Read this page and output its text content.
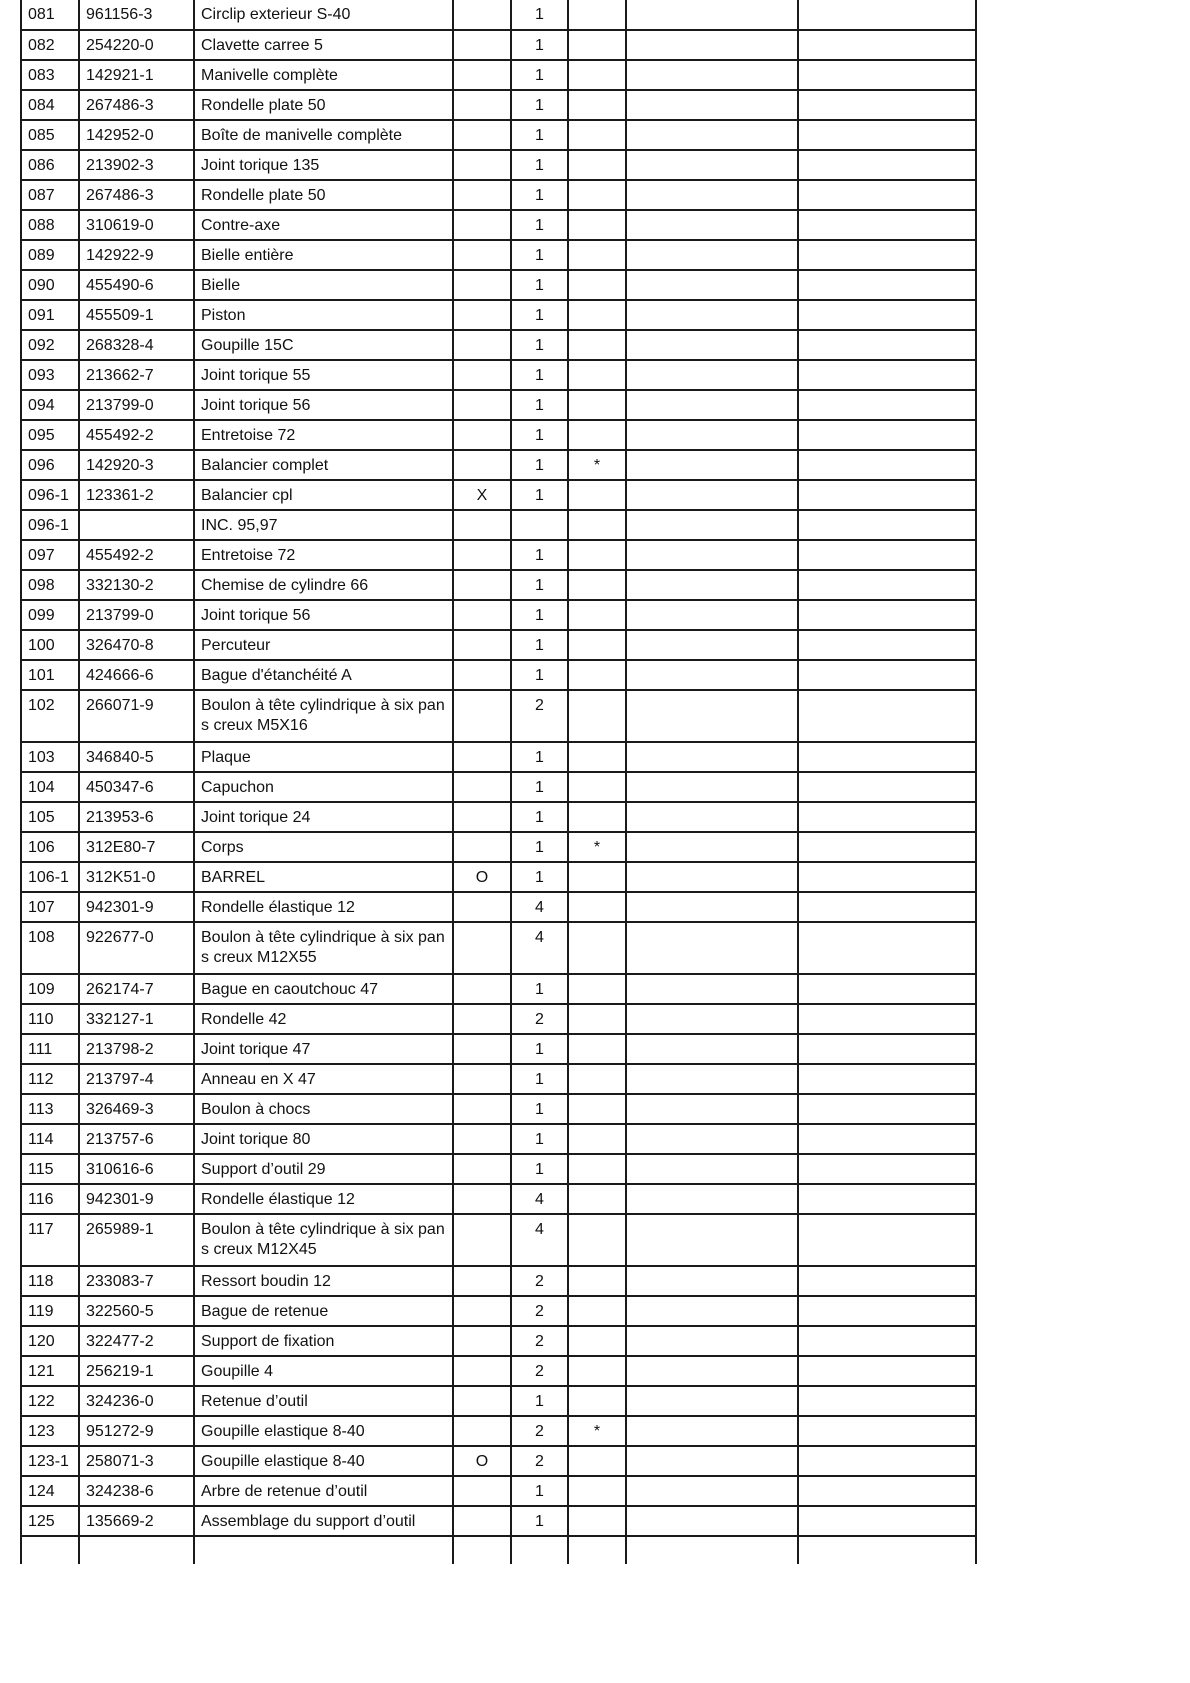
081	961156-3	Circlip exterieur S-40		1			
082	254220-0	Clavette carree 5		1			
083	142921-1	Manivelle complète		1			
084	267486-3	Rondelle plate 50		1			
085	142952-0	Boîte de manivelle complète		1			
086	213902-3	Joint torique 135		1			
087	267486-3	Rondelle plate 50		1			
088	310619-0	Contre-axe		1			
089	142922-9	Bielle entière		1			
090	455490-6	Bielle		1			
091	455509-1	Piston		1			
092	268328-4	Goupille 15C		1			
093	213662-7	Joint torique 55		1			
094	213799-0	Joint torique 56		1			
095	455492-2	Entretoise 72		1			
096	142920-3	Balancier complet		1	*		
096-1	123361-2	Balancier cpl	X	1			
096-1		INC. 95,97					
097	455492-2	Entretoise 72		1			
098	332130-2	Chemise de cylindre 66		1			
099	213799-0	Joint torique 56		1			
100	326470-8	Percuteur		1			
101	424666-6	Bague d'étanchéité A		1			
102	266071-9	Boulon à tête cylindrique à six pans creux M5X16		2			
103	346840-5	Plaque		1			
104	450347-6	Capuchon		1			
105	213953-6	Joint torique 24		1			
106	312E80-7	Corps		1	*		
106-1	312K51-0	BARREL	O	1			
107	942301-9	Rondelle élastique 12		4			
108	922677-0	Boulon à tête cylindrique à six pans creux M12X55		4			
109	262174-7	Bague en caoutchouc 47		1			
110	332127-1	Rondelle 42		2			
111	213798-2	Joint torique 47		1			
112	213797-4	Anneau en X 47		1			
113	326469-3	Boulon à chocs		1			
114	213757-6	Joint torique 80		1			
115	310616-6	Support d’outil 29		1			
116	942301-9	Rondelle élastique 12		4			
117	265989-1	Boulon à tête cylindrique à six pans creux M12X45		4			
118	233083-7	Ressort boudin 12		2			
119	322560-5	Bague de retenue		2			
120	322477-2	Support de fixation		2			
121	256219-1	Goupille 4		2			
122	324236-0	Retenue d’outil		1			
123	951272-9	Goupille elastique 8-40		2	*		
123-1	258071-3	Goupille elastique 8-40	O	2			
124	324238-6	Arbre de retenue d’outil		1			
125	135669-2	Assemblage du support d’outil		1			
